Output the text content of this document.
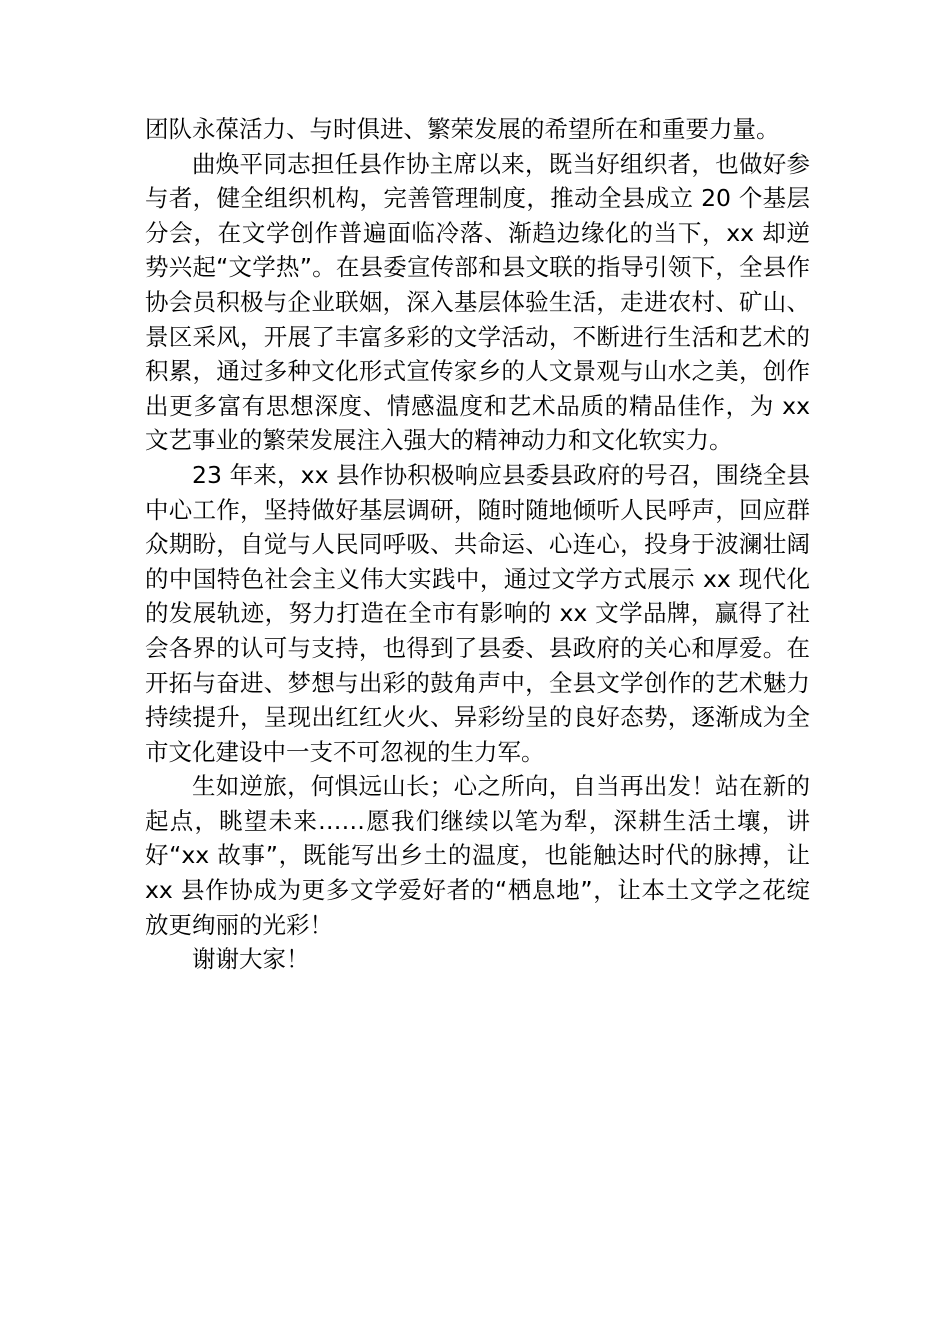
团队永葆活力、与时俱进、繁荣发展的希望所在和重要力量。

曲焕平同志担任县作协主席以来，既当好组织者，也做好参与者，健全组织机构，完善管理制度，推动全县成立 20 个基层分会，在文学创作普遍面临冷落、渐趋边缘化的当下，xx 却逆势兴起“文学热”。在县委宣传部和县文联的指导引领下，全县作协会员积极与企业联姻，深入基层体验生活，走进农村、矿山、景区采风，开展了丰富多彩的文学活动，不断进行生活和艺术的积累，通过多种文化形式宣传家乡的人文景观与山水之美，创作出更多富有思想深度、情感温度和艺术品质的精品佳作，为 xx 文艺事业的繁荣发展注入强大的精神动力和文化软实力。

23 年来，xx 县作协积极响应县委县政府的号召，围绕全县中心工作，坚持做好基层调研，随时随地倾听人民呼声，回应群众期盼，自觉与人民同呼吸、共命运、心连心，投身于波澜壮阔的中国特色社会主义伟大实践中，通过文学方式展示 xx 现代化的发展轨迹，努力打造在全市有影响的 xx 文学品牌，赢得了社会各界的认可与支持，也得到了县委、县政府的关心和厚爱。在开拓与奋进、梦想与出彩的鼓角声中，全县文学创作的艺术魅力持续提升，呈现出红红火火、异彩纷呈的良好态势，逐渐成为全市文化建设中一支不可忽视的生力军。

生如逆旅，何惧远山长；心之所向，自当再出发！站在新的起点，眺望未来……愿我们继续以笔为犁，深耕生活土壤，讲好“xx 故事”，既能写出乡土的温度，也能触达时代的脉搏，让 xx 县作协成为更多文学爱好者的“栖息地”，让本土文学之花绽放更绚丽的光彩！

谢谢大家！
